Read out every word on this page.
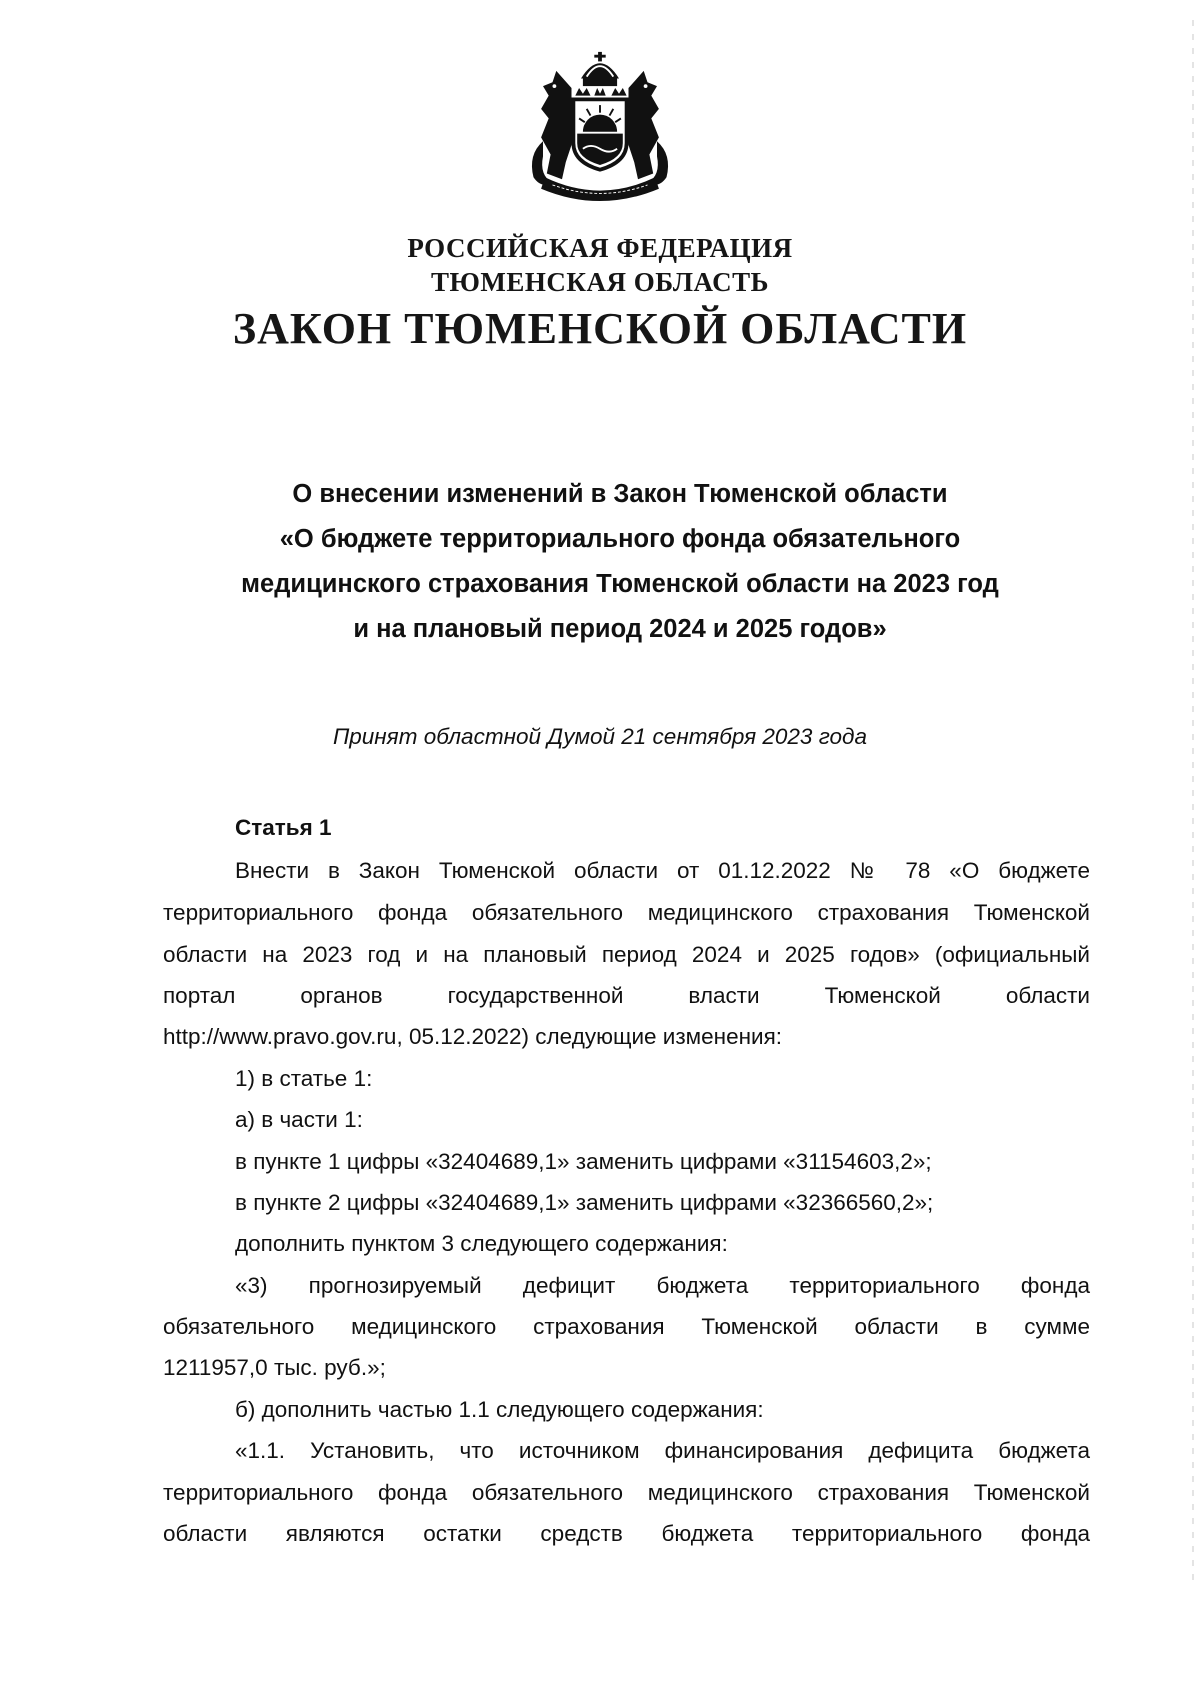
РОССИЙСКАЯ ФЕДЕРАЦИЯ
ТЮМЕНСКАЯ ОБЛАСТЬ
ЗАКОН ТЮМЕНСКОЙ ОБЛАСТИ
О внесении изменений в Закон Тюменской области
«О бюджете территориального фонда обязательного
медицинского страхования Тюменской области на 2023 год
и на плановый период 2024 и 2025 годов»
Принят областной Думой 21 сентября 2023 года
Статья 1
Внести в Закон Тюменской области от 01.12.2022 № 78 «О бюджете
территориального фонда обязательного медицинского страхования Тюменской
области на 2023 год и на плановый период 2024 и 2025 годов» (официальный
портал органов государственной власти Тюменской области
http://www.pravo.gov.ru, 05.12.2022) следующие изменения:
1) в статье 1:
а) в части 1:
в пункте 1 цифры «32404689,1» заменить цифрами «31154603,2»;
в пункте 2 цифры «32404689,1» заменить цифрами «32366560,2»;
дополнить пунктом 3 следующего содержания:
«3) прогнозируемый дефицит бюджета территориального фонда
обязательного медицинского страхования Тюменской области в сумме
1211957,0 тыс. руб.»;
б) дополнить частью 1.1 следующего содержания:
«1.1. Установить, что источником финансирования дефицита бюджета
территориального фонда обязательного медицинского страхования Тюменской
области являются остатки средств бюджета территориального фонда
